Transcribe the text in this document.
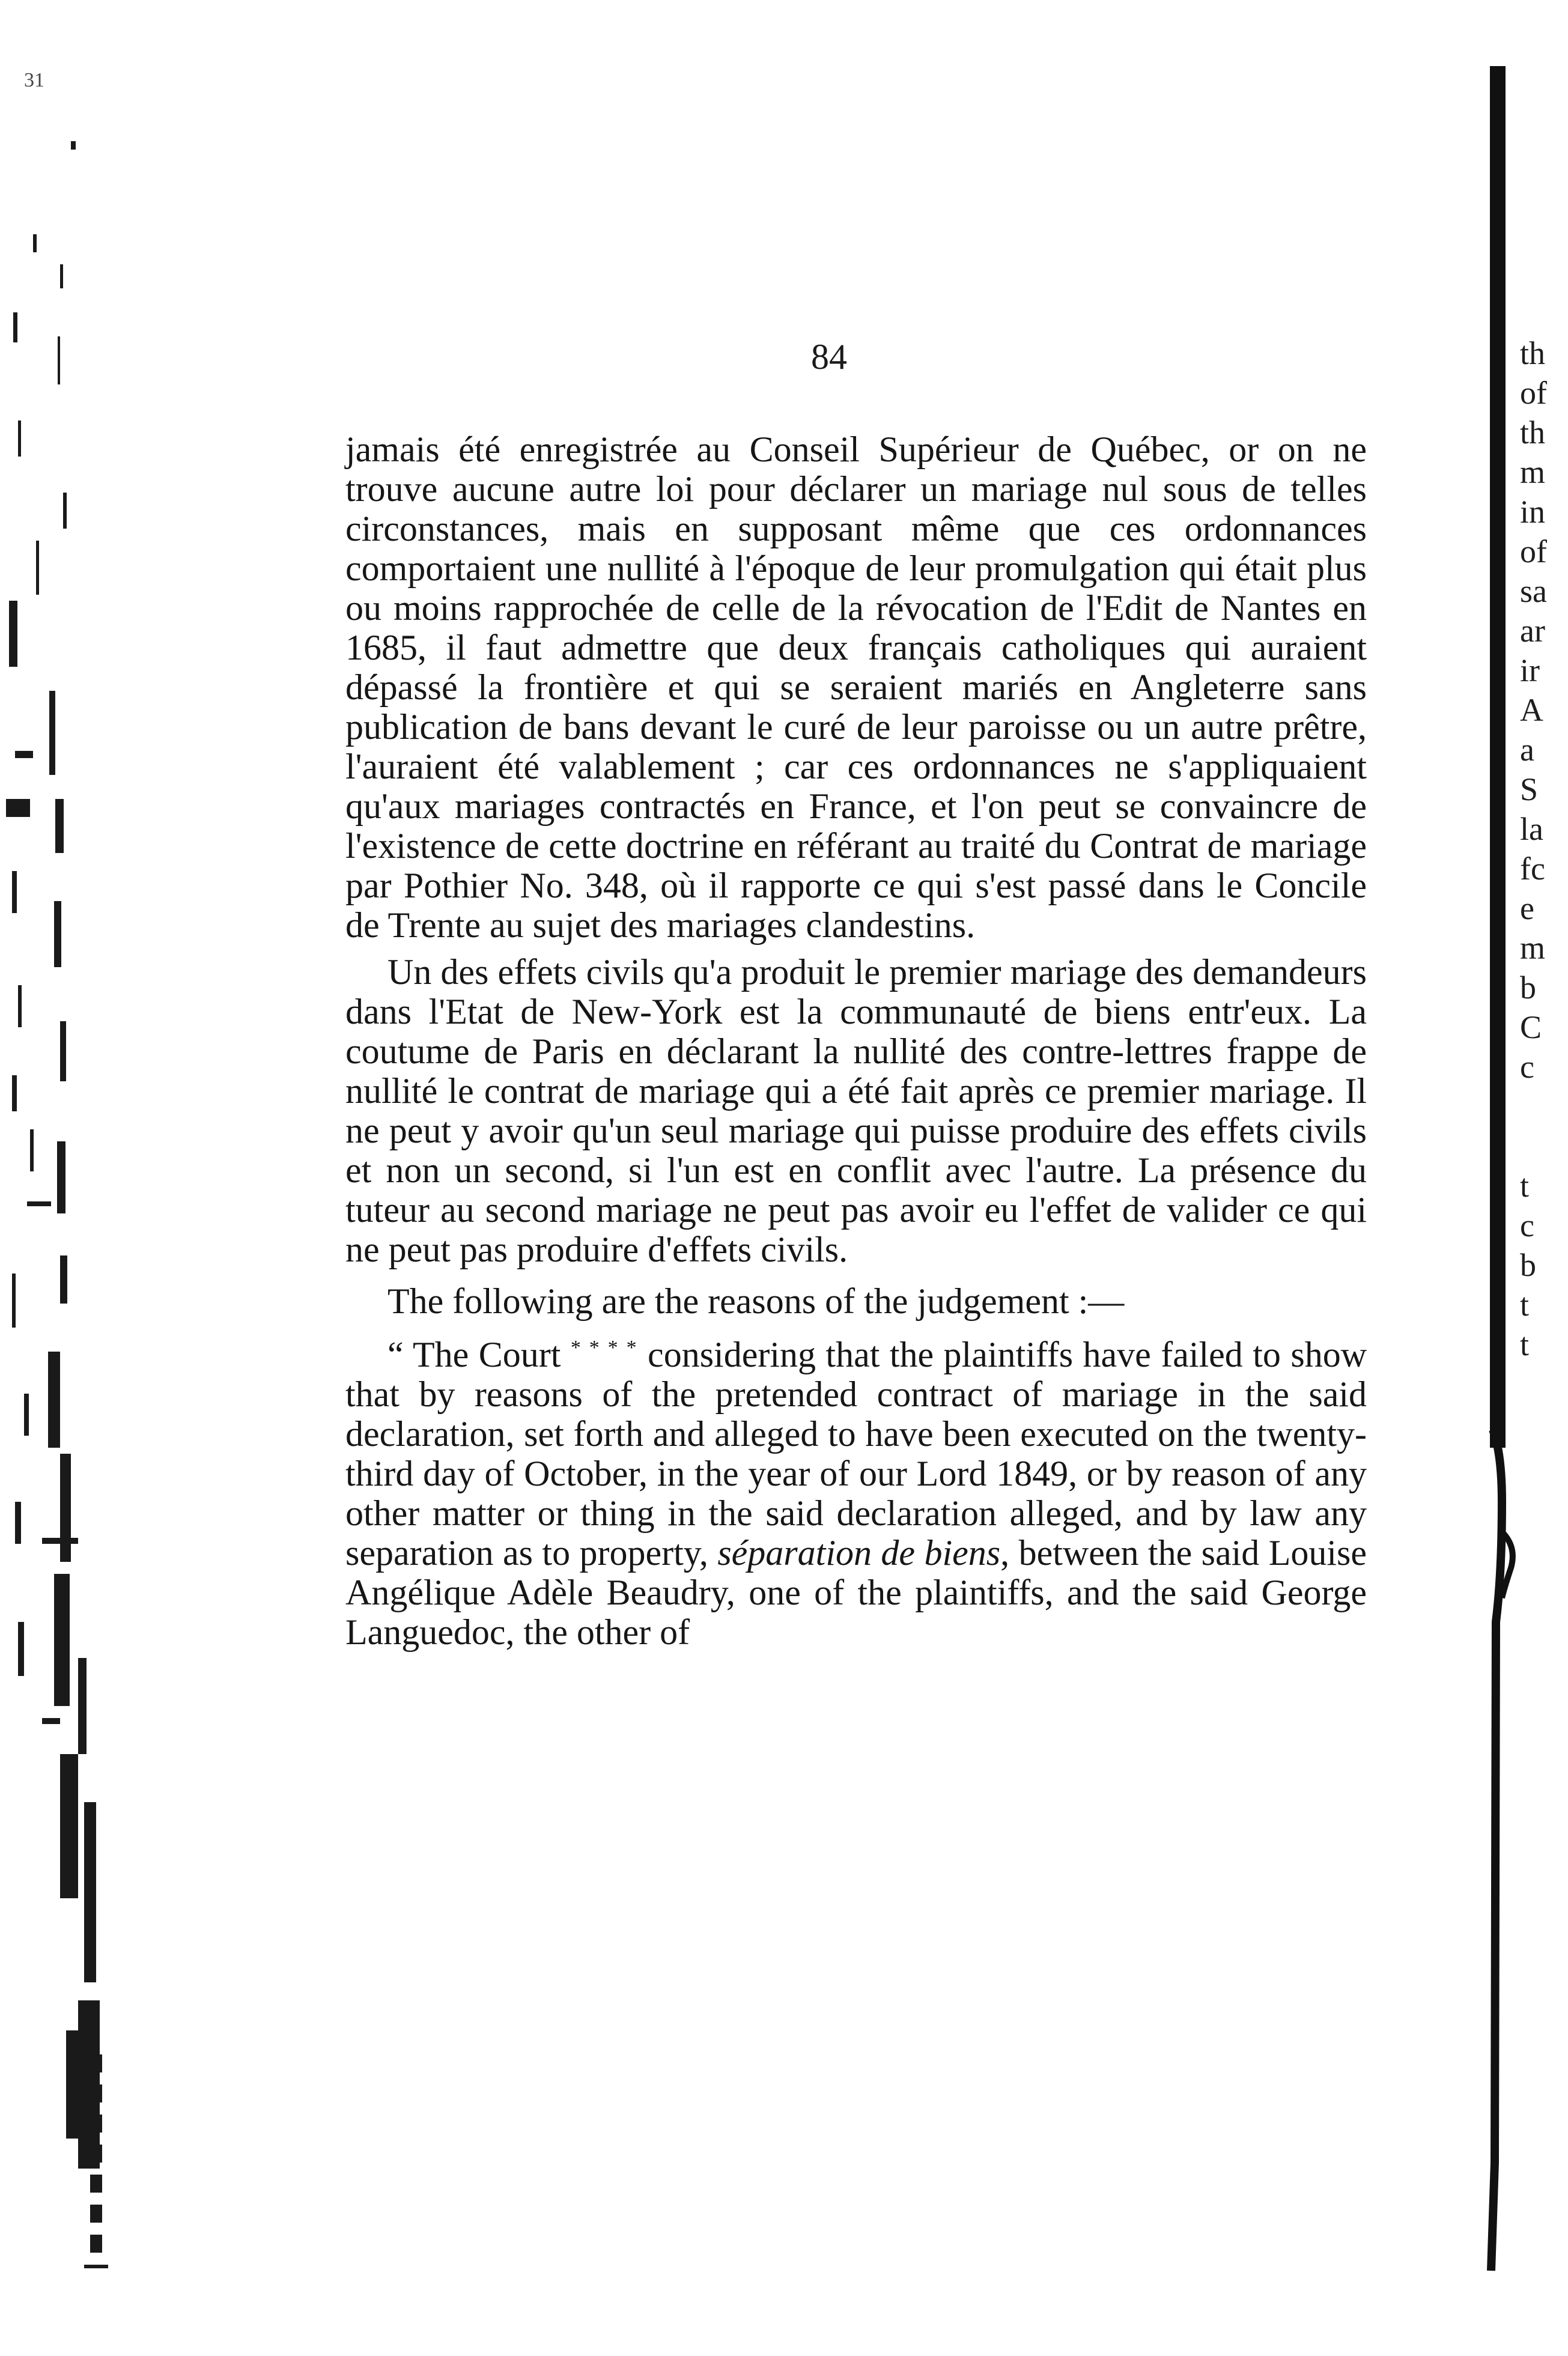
31
84

jamais été enregistrée au Conseil Supérieur de Québec, or on ne trouve aucune autre loi pour déclarer un mariage nul sous de telles circonstances, mais en supposant même que ces ordonnances comportaient une nullité à l'époque de leur promulgation qui était plus ou moins rapprochée de celle de la révocation de l'Edit de Nantes en 1685, il faut admettre que deux français catholiques qui auraient dépassé la frontière et qui se seraient mariés en Angleterre sans publication de bans devant le curé de leur paroisse ou un autre prêtre, l'auraient été valablement ; car ces ordonnances ne s'appliquaient qu'aux mariages contractés en France, et l'on peut se convaincre de l'existence de cette doctrine en référant au traité du Contrat de mariage par Pothier No. 348, où il rapporte ce qui s'est passé dans le Concile de Trente au sujet des mariages clandestins.

Un des effets civils qu'a produit le premier mariage des demandeurs dans l'Etat de New-York est la communauté de biens entr'eux. La coutume de Paris en déclarant la nullité des contre-lettres frappe de nullité le contrat de mariage qui a été fait après ce premier mariage. Il ne peut y avoir qu'un seul mariage qui puisse produire des effets civils et non un second, si l'un est en conflit avec l'autre. La présence du tuteur au second mariage ne peut pas avoir eu l'effet de valider ce qui ne peut pas produire d'effets civils.

The following are the reasons of the judgement :—

“ The Court * * * * considering that the plaintiffs have failed to show that by reasons of the pretended contract of mariage in the said declaration, set forth and alleged to have been executed on the twenty-third day of October, in the year of our Lord 1849, or by reason of any other matter or thing in the said declaration alleged, and by law any separation as to property, séparation de biens, between the said Louise Angélique Adèle Beaudry, one of the plaintiffs, and the said George Languedoc, the other of

th
of
th
m
in
of
sa
ar
ir
A
a
S
la
fc
e
m
b
C
c
t
c
b
t
t
